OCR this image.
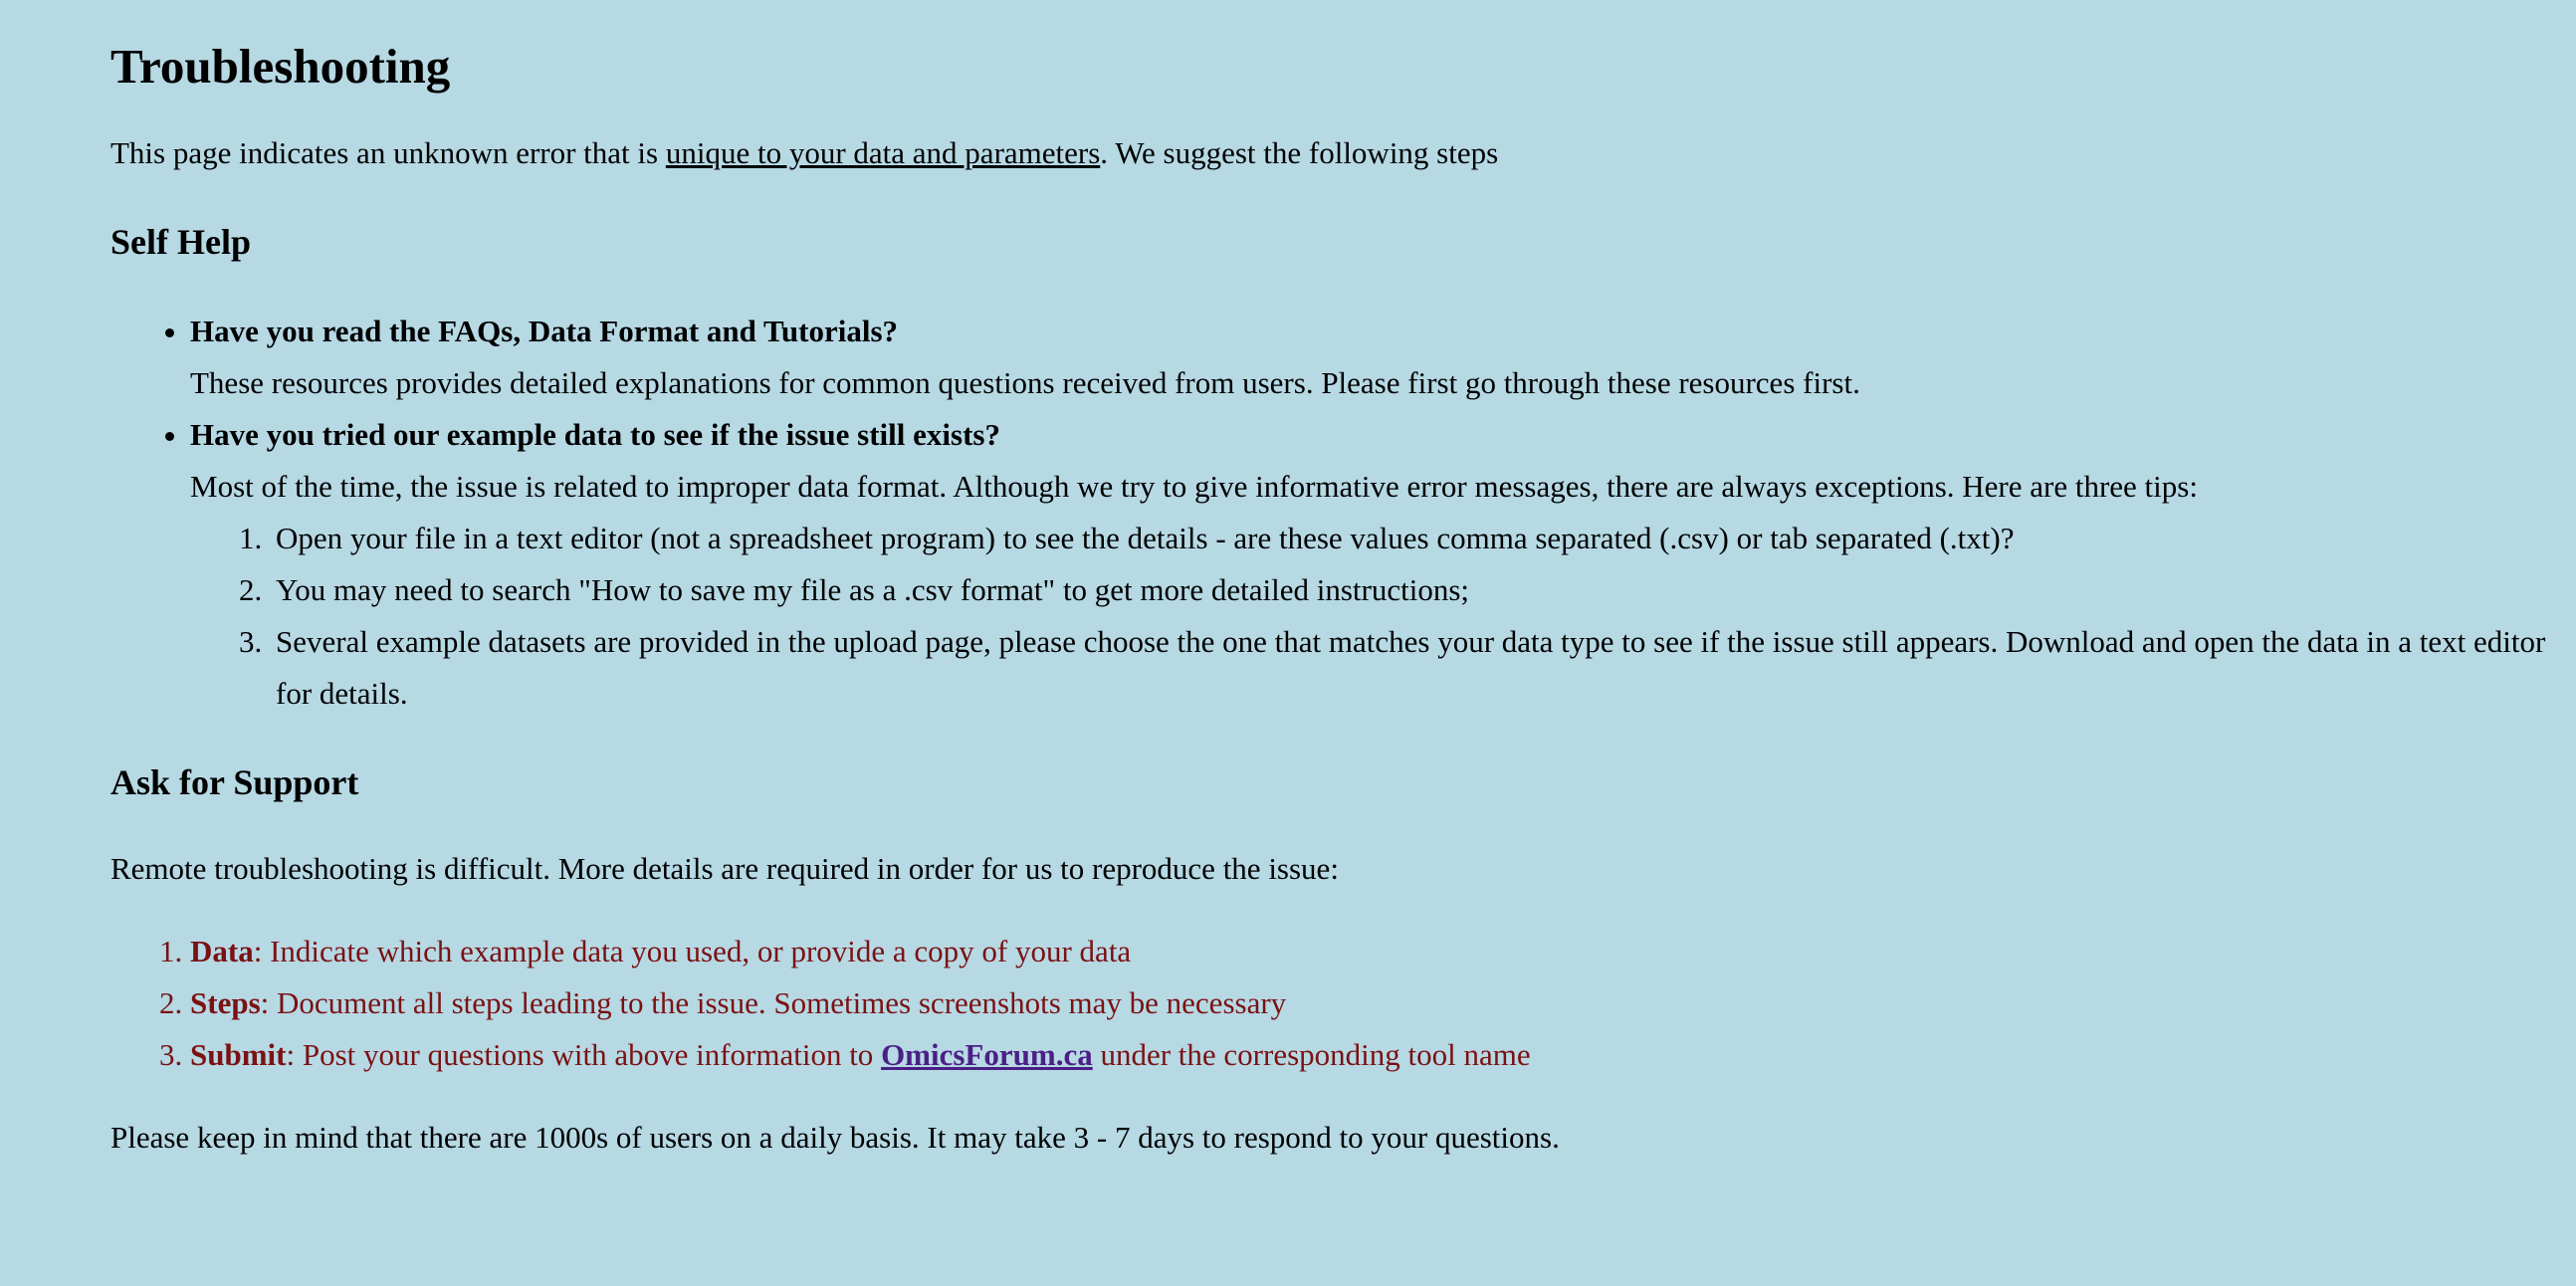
Troubleshooting

This page indicates an unknown error that is unique to your data and parameters. We suggest the following steps

Self Help
• Have you read the FAQs, Data Format and Tutorials?
These resources provides detailed explanations for common questions received from users. Please first go through these resources first.
• Have you tried our example data to see if the issue still exists?
Most of the time, the issue is related to improper data format. Although we try to give informative error messages, there are always exceptions. Here are three tips:
1. Open your file in a text editor (not a spreadsheet program) to see the details - are these values comma separated (.csv) or tab separated (.txt)?
2. You may need to search "How to save my file as a .csv format" to get more detailed instructions;
3. Several example datasets are provided in the upload page, please choose the one that matches your data type to see if the issue still appears. Download and open the data in a text editor for details.
Ask for Support

Remote troubleshooting is difficult. More details are required in order for us to reproduce the issue:

1. Data: Indicate which example data you used, or provide a copy of your data
2. Steps: Document all steps leading to the issue. Sometimes screenshots may be necessary
3. Submit: Post your questions with above information to OmicsForum.ca under the corresponding tool name

Please keep in mind that there are 1000s of users on a daily basis. It may take 3 - 7 days to respond to your questions.
